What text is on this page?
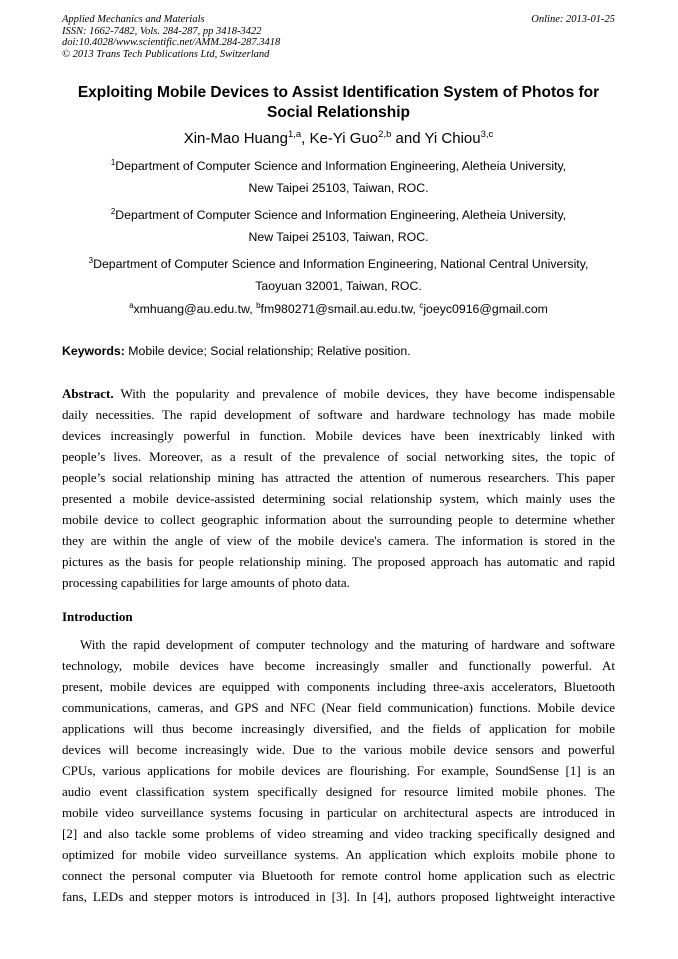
Applied Mechanics and Materials
ISSN: 1662-7482, Vols. 284-287, pp 3418-3422
doi:10.4028/www.scientific.net/AMM.284-287.3418
© 2013 Trans Tech Publications Ltd, Switzerland
Online: 2013-01-25
Exploiting Mobile Devices to Assist Identification System of Photos for
Social Relationship
Xin-Mao Huang$^{1,a}$, Ke-Yi Guo$^{2,b}$ and Yi Chiou$^{3,c}$
$^1$Department of Computer Science and Information Engineering, Aletheia University,
New Taipei 25103, Taiwan, ROC.
$^2$Department of Computer Science and Information Engineering, Aletheia University,
New Taipei 25103, Taiwan, ROC.
$^3$Department of Computer Science and Information Engineering, National Central University,
Taoyuan 32001, Taiwan, ROC.
$^a$xmhuang@au.edu.tw, $^b$fm980271@smail.au.edu.tw, $^c$joeyc0916@gmail.com
Keywords: Mobile device; Social relationship; Relative position.
Abstract. With the popularity and prevalence of mobile devices, they have become indispensable
daily necessities. The rapid development of software and hardware technology has made mobile
devices increasingly powerful in function. Mobile devices have been inextricably linked with
people’s lives. Moreover, as a result of the prevalence of social networking sites, the topic of
people’s social relationship mining has attracted the attention of numerous researchers. This paper
presented a mobile device-assisted determining social relationship system, which mainly uses the
mobile device to collect geographic information about the surrounding people to determine whether
they are within the angle of view of the mobile device's camera. The information is stored in the
pictures as the basis for people relationship mining. The proposed approach has automatic and rapid
processing capabilities for large amounts of photo data.
Introduction
With the rapid development of computer technology and the maturing of hardware and software
technology, mobile devices have become increasingly smaller and functionally powerful. At
present, mobile devices are equipped with components including three-axis accelerators, Bluetooth
communications, cameras, and GPS and NFC (Near field communication) functions. Mobile device
applications will thus become increasingly diversified, and the fields of application for mobile
devices will become increasingly wide. Due to the various mobile device sensors and powerful
CPUs, various applications for mobile devices are flourishing. For example, SoundSense [1] is an
audio event classification system specifically designed for resource limited mobile phones. The
mobile video surveillance systems focusing in particular on architectural aspects are introduced in
[2] and also tackle some problems of video streaming and video tracking specifically designed and
optimized for mobile video surveillance systems. An application which exploits mobile phone to
connect the personal computer via Bluetooth for remote control home application such as electric
fans, LEDs and stepper motors is introduced in [3]. In [4], authors proposed lightweight interactive
